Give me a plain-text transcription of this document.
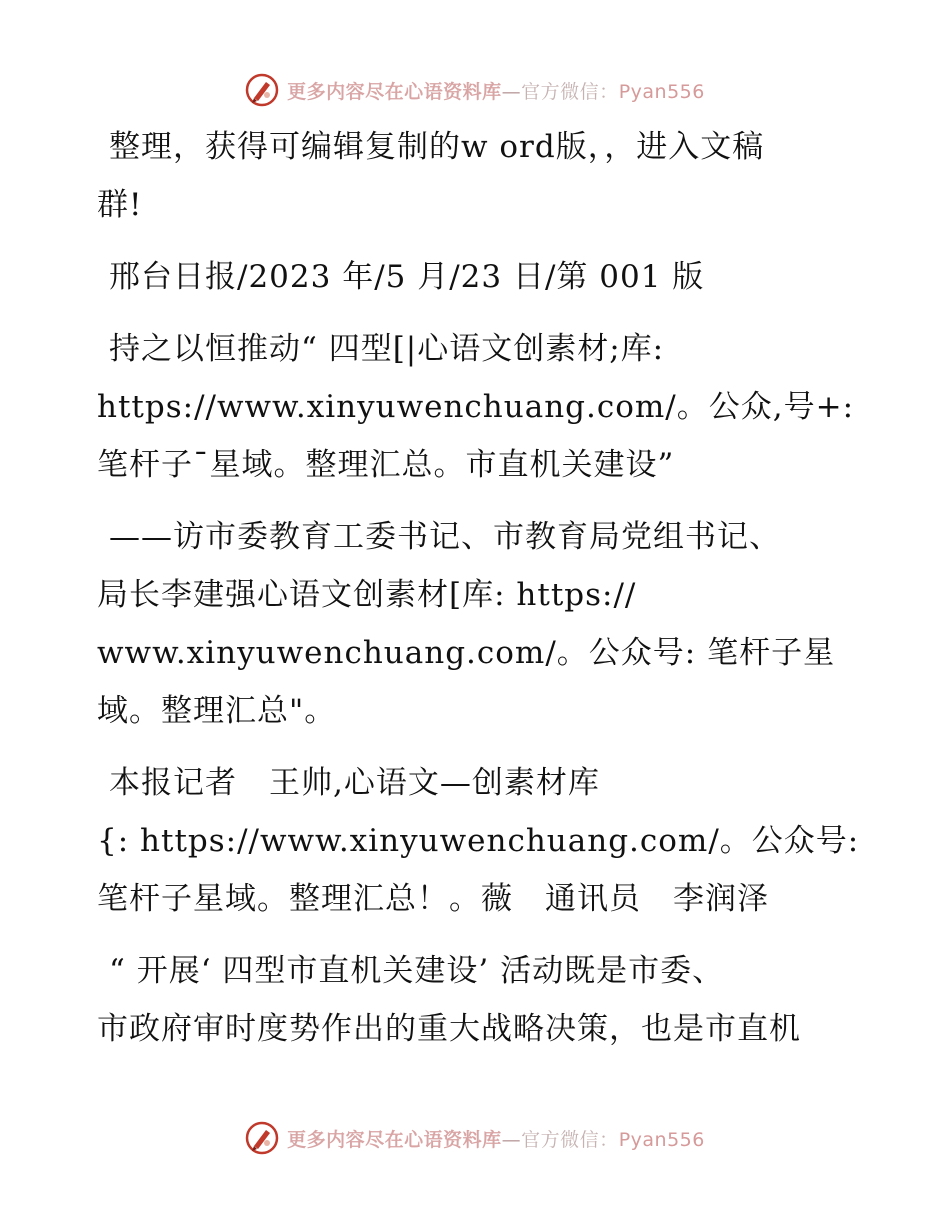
更多内容尽在心语资料库—官方微信：Pyan556
整理，获得可编辑复制的w ord版，，进入文稿
群!
邢台日报/2023 年/5 月/23 日/第 001 版
持之以恒推动“ 四型[|心语文创素材;库:
https://www.xinyuwenchuang.com/。公众,号+:
笔杆子¯星域。整理汇总。市直机关建设”
——访市委教育工委书记、市教育局党组书记、
局长李建强心语文创素材[库: https://
www.xinyuwenchuang.com/。公众号: 笔杆子星
域。整理汇总"。
本报记者　王帅,心语文—创素材库
{: https://www.xinyuwenchuang.com/。公众号:
笔杆子星域。整理汇总！。薇　通讯员　李润泽
“ 开展‘ 四型市直机关建设’ 活动既是市委、
市政府审时度势作出的重大战略决策，也是市直机
更多内容尽在心语资料库—官方微信：Pyan556
